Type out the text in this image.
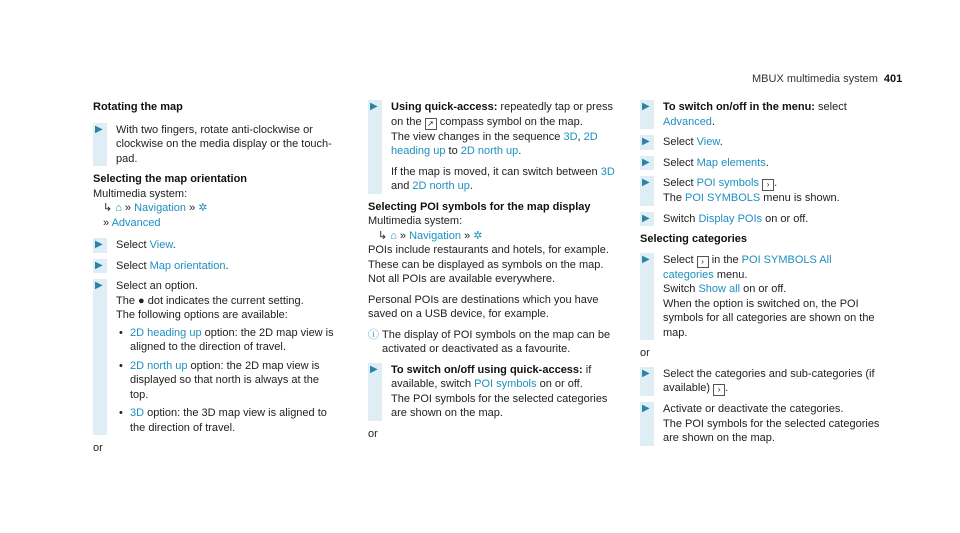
MBUX multimedia system 401
Rotating the map
▶ With two fingers, rotate anti-clockwise or clockwise on the media display or the touch-pad.
Selecting the map orientation
Multimedia system:
↳ ⌂ » Navigation » ✲
» Advanced
▶ Select View.
▶ Select Map orientation.
▶ Select an option.
The ● dot indicates the current setting.
The following options are available:
• 2D heading up option: the 2D map view is aligned to the direction of travel.
• 2D north up option: the 2D map view is displayed so that north is always at the top.
• 3D option: the 3D map view is aligned to the direction of travel.
or
▶ Using quick-access: repeatedly tap or press on the ➚ compass symbol on the map.
The view changes in the sequence 3D, 2D heading up to 2D north up.

If the map is moved, it can switch between 3D and 2D north up.
Selecting POI symbols for the map display
Multimedia system:
↳ ⌂ » Navigation » ✲
POIs include restaurants and hotels, for example. These can be displayed as symbols on the map. Not all POIs are available everywhere.
Personal POIs are destinations which you have saved on a USB device, for example.
ⓘ The display of POI symbols on the map can be activated or deactivated as a favourite.
▶ To switch on/off using quick-access: if available, switch POI symbols on or off.
The POI symbols for the selected categories are shown on the map.
or
▶ To switch on/off in the menu: select Advanced.
▶ Select View.
▶ Select Map elements.
▶ Select POI symbols › .
The POI SYMBOLS menu is shown.
▶ Switch Display POIs on or off.
Selecting categories
▶ Select › in the POI SYMBOLS All categories menu.
Switch Show all on or off.
When the option is switched on, the POI symbols for all categories are shown on the map.
or
▶ Select the categories and sub-categories (if available) › .
▶ Activate or deactivate the categories.
The POI symbols for the selected categories are shown on the map.
